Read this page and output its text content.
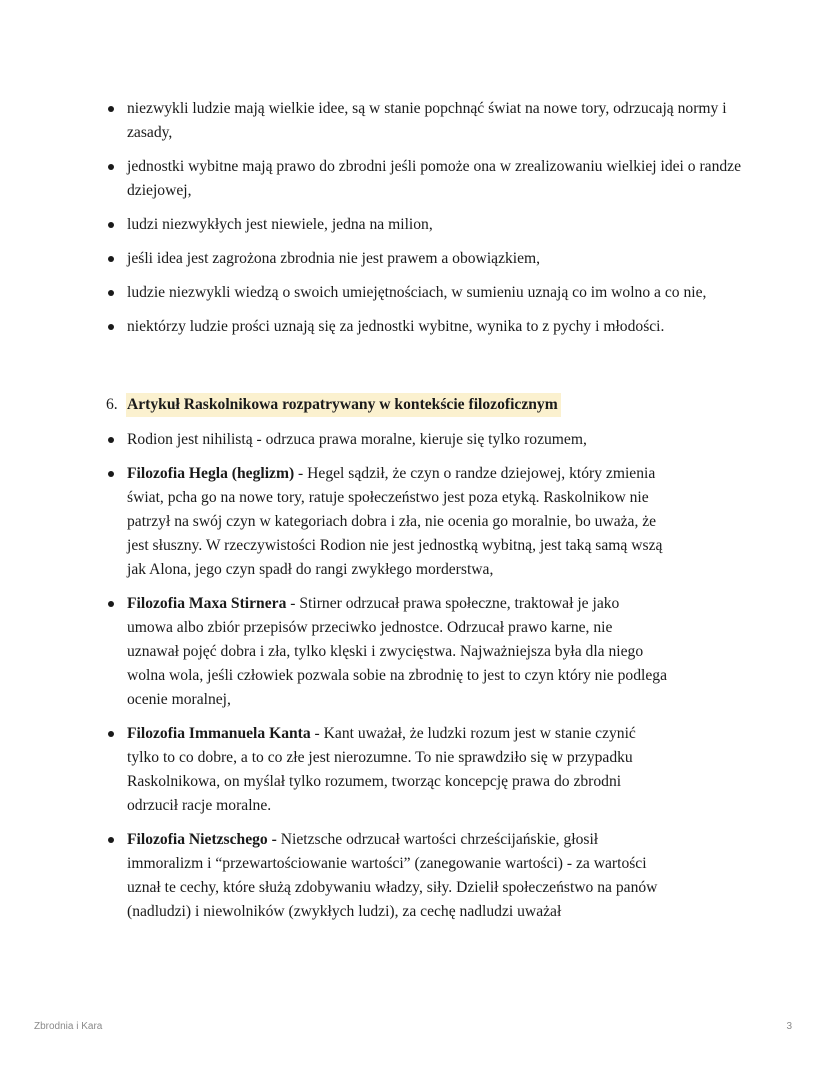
niezwykli ludzie mają wielkie idee, są w stanie popchnąć świat na nowe tory, odrzucają normy i zasady,
jednostki wybitne mają prawo do zbrodni jeśli pomoże ona w zrealizowaniu wielkiej idei o randze dziejowej,
ludzi niezwykłych jest niewiele, jedna na milion,
jeśli idea jest zagrożona zbrodnia nie jest prawem a obowiązkiem,
ludzie niezwykli wiedzą o swoich umiejętnościach, w sumieniu uznają co im wolno a co nie,
niektórzy ludzie prości uznają się za jednostki wybitne, wynika to z pychy i młodości.
6. Artykuł Raskolnikowa rozpatrywany w kontekście filozoficznym
Rodion jest nihilistą - odrzuca prawa moralne, kieruje się tylko rozumem,
Filozofia Hegla (heglizm) - Hegel sądził, że czyn o randze dziejowej, który zmienia świat, pcha go na nowe tory, ratuje społeczeństwo jest poza etyką. Raskolnikow nie patrzył na swój czyn w kategoriach dobra i zła, nie ocenia go moralnie, bo uważa, że jest słuszny. W rzeczywistości Rodion nie jest jednostką wybitną, jest taką samą wszą jak Alona, jego czyn spadł do rangi zwykłego morderstwa,
Filozofia Maxa Stirnera - Stirner odrzucał prawa społeczne, traktował je jako umowa albo zbiór przepisów przeciwko jednostce. Odrzucał prawo karne, nie uznawał pojęć dobra i zła, tylko klęski i zwycięstwa. Najważniejsza była dla niego wolna wola, jeśli człowiek pozwala sobie na zbrodnię to jest to czyn który nie podlega ocenie moralnej,
Filozofia Immanuela Kanta - Kant uważał, że ludzki rozum jest w stanie czynić tylko to co dobre, a to co złe jest nierozumne. To nie sprawdziło się w przypadku Raskolnikowa, on myślał tylko rozumem, tworząc koncepcję prawa do zbrodni odrzucił racje moralne.
Filozofia Nietzschego - Nietzsche odrzucał wartości chrześcijańskie, głosił immoralizm i “przewartościowanie wartości” (zanegowanie wartości) - za wartości uznał te cechy, które służą zdobywaniu władzy, siły. Dzielił społeczeństwo na panów (nadludzi) i niewolników (zwykłych ludzi), za cechę nadludzi uważał
Zbrodnia i Kara	3
